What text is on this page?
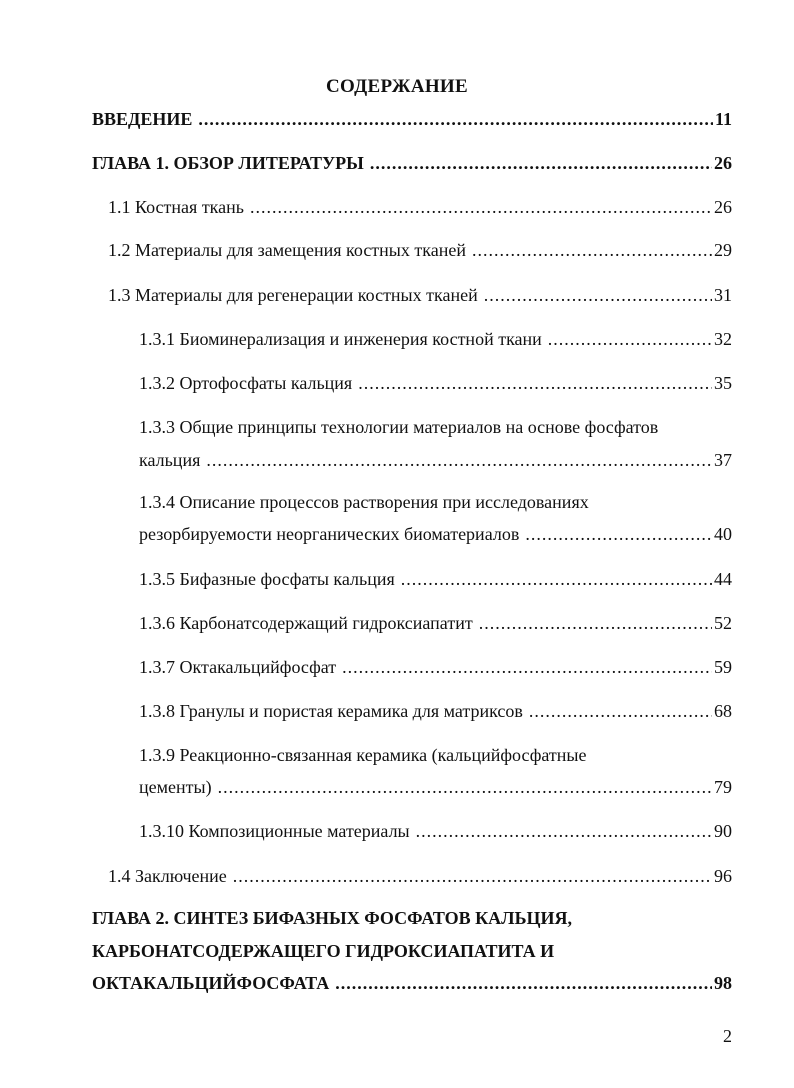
СОДЕРЖАНИЕ
ВВЕДЕНИЕ .....	11
ГЛАВА 1. ОБЗОР ЛИТЕРАТУРЫ .....	26
1.1 Костная ткань .....	26
1.2 Материалы для замещения костных тканей .....	29
1.3 Материалы для регенерации костных тканей .....	31
1.3.1 Биоминерализация и инженерия костной ткани .....	32
1.3.2 Ортофосфаты кальция .....	35
1.3.3 Общие принципы технологии материалов на основе фосфатов
кальция .....	37
1.3.4 Описание процессов растворения при исследованиях
резорбируемости неорганических биоматериалов .....	40
1.3.5 Бифазные фосфаты кальция .....	44
1.3.6 Карбонатсодержащий гидроксиапатит .....	52
1.3.7 Октакальцийфосфат .....	59
1.3.8 Гранулы и пористая керамика для матриксов .....	68
1.3.9 Реакционно-связанная керамика (кальцийфосфатные
цементы) .....	79
1.3.10 Композиционные материалы .....	90
1.4 Заключение .....	96
ГЛАВА 2. СИНТЕЗ БИФАЗНЫХ ФОСФАТОВ КАЛЬЦИЯ,
КАРБОНАТСОДЕРЖАЩЕГО ГИДРОКСИАПАТИТА И
ОКТАКАЛЬЦИЙФОСФАТА .....	98
2
